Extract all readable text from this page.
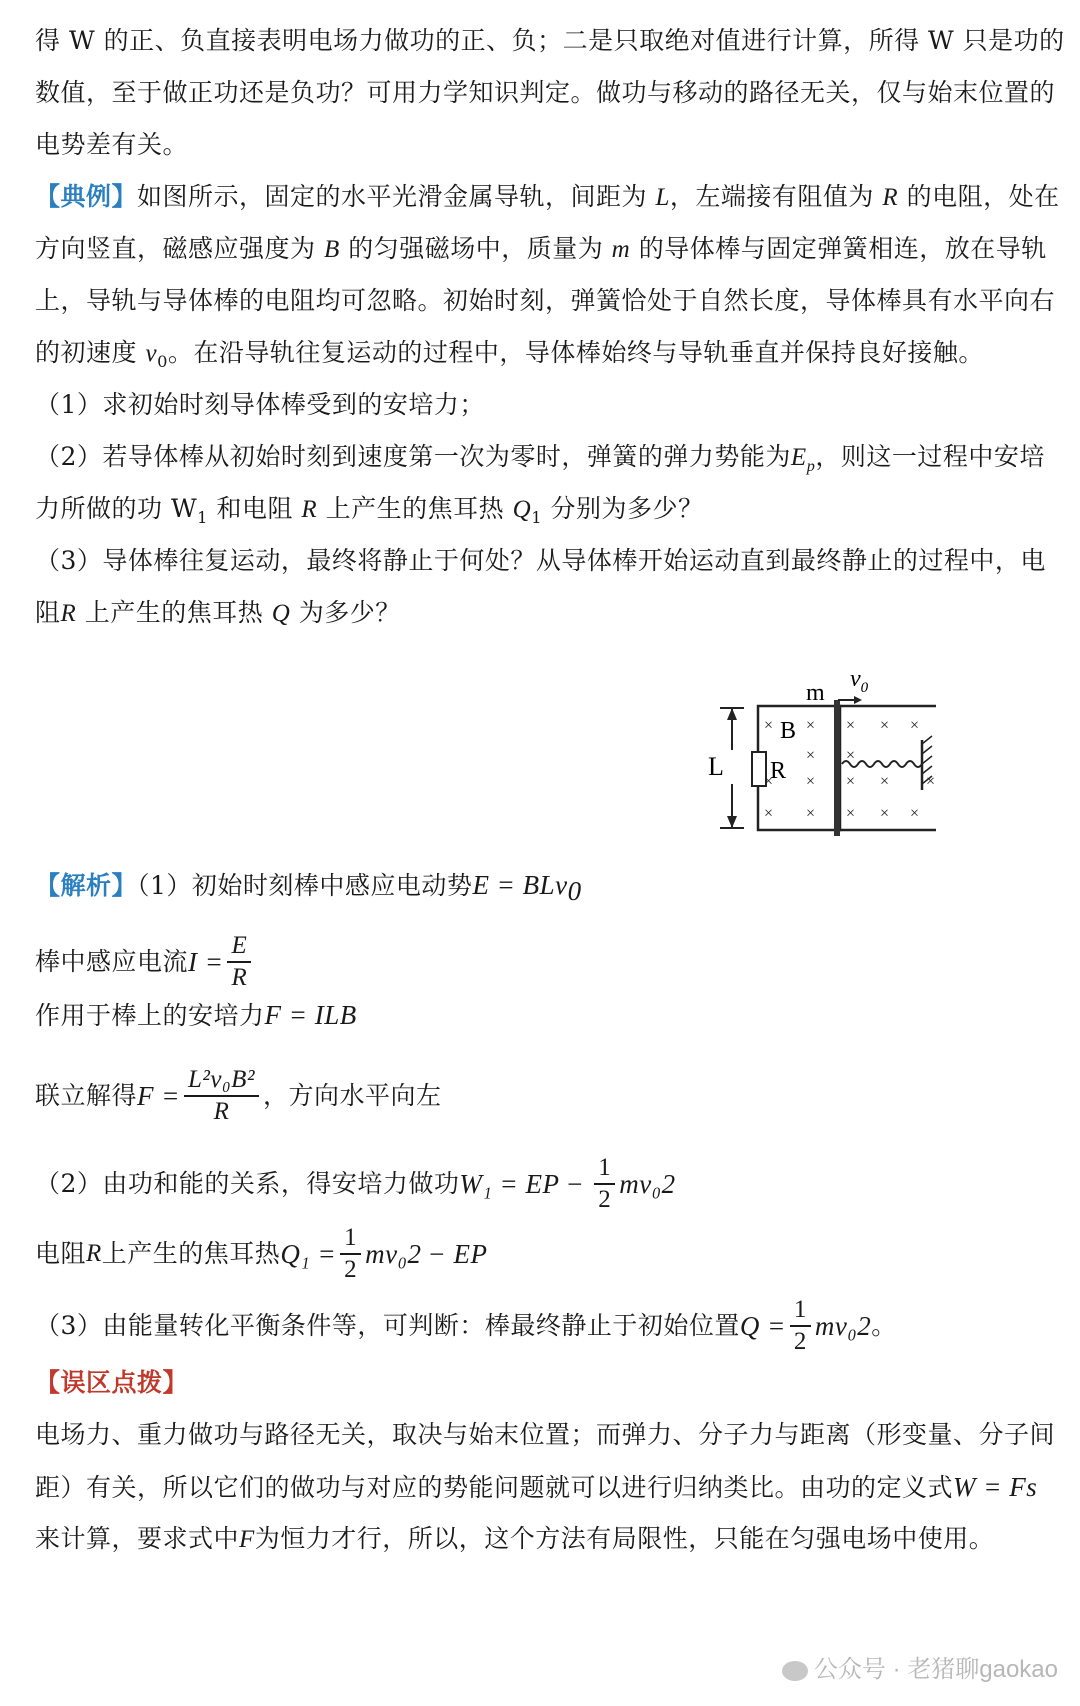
得 W 的正、负直接表明电场力做功的正、负；二是只取绝对值进行计算，所得 W 只是功的
数值，至于做正功还是负功？可用力学知识判定。做功与移动的路径无关，仅与始末位置的
电势差有关。
【典例】如图所示，固定的水平光滑金属导轨，间距为 L，左端接有阻值为 R 的电阻，处在
方向竖直，磁感应强度为 B 的匀强磁场中，质量为 m 的导体棒与固定弹簧相连，放在导轨
上，导轨与导体棒的电阻均可忽略。初始时刻，弹簧恰处于自然长度，导体棒具有水平向右
的初速度 $v_0$。在沿导轨往复运动的过程中，导体棒始终与导轨垂直并保持良好接触。
（1）求初始时刻导体棒受到的安培力；
（2）若导体棒从初始时刻到速度第一次为零时，弹簧的弹力势能为$E_p$，则这一过程中安培
力所做的功 $W_1$ 和电阻 R 上产生的焦耳热 $Q_1$ 分别为多少？
（3）导体棒往复运动，最终将静止于何处？从导体棒开始运动直到最终静止的过程中，电
阻R 上产生的焦耳热 Q 为多少？
L R
B
m
$v_0$
× × × × ×
× ×
× × × × ×
× × × × ×
【解析】（1）初始时刻棒中感应电动势E = BLv$_0$
棒中感应电流 $I = \frac{E}{R}$
作用于棒上的安培力F = ILB
联立解得 $F = \frac{\text{L²v₀B²}}{R}$ ，方向水平向左
（2）由功和能的关系，得安培力做功 W₁ = E $P - \frac{1}{2} mv_0$ 2
电阻 R 上产生的焦耳热 $Q_1 = \frac{1}{2} mv_0$ 2 − E P
（3）由能量转化平衡条件等，可判断：棒最终静止于初始位置 $Q = \frac{1}{2} mv_0$ 2 。
【误区点拨】
电场力、重力做功与路径无关，取决与始末位置；而弹力、分子力与距离（形变量、分子间
距）有关，所以它们的做功与对应的势能问题就可以进行归纳类比。由功的定义式W = Fs
来计算，要求式中F为恒力才行，所以，这个方法有局限性，只能在匀强电场中使用。
公众号 · 老猪聊gaokao
